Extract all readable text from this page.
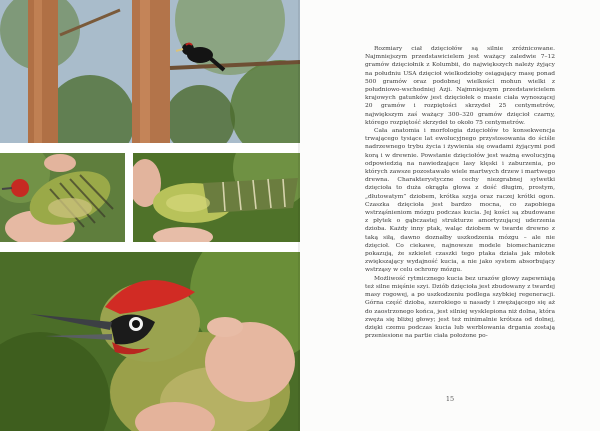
Rozmiary ciał dzięciołów są silnie zróżnicowane. Najmniejszym przedstawicielem jest ważący zaledwie 7–12 gramów dzięciołnik z Kolumbii, do największych należy żyjący na południu USA dzięcioł wielkodzioby osiągający masę ponad 500 gramów oraz podobnej wielkości mohun wielki z południowo-wschodniej Azji. Najmniejszym przedstawicielem krajowych gatunków jest dzięciołek o masie ciała wynoszącej 20 gramów i rozpiętości skrzydeł 25 centymetrów, największym zaś ważący 300–320 gramów dzięcioł czarny, którego rozpiętość skrzydeł to około 75 centymetrów.

Cała anatomia i morfologia dzięciołów to konsekwencja trwającego tysiące lat ewolucyjnego przystosowania do ściśle nadrzewnego trybu życia i żywienia się owadami żyjącymi pod korą i w drewnie. Powstanie dzięciołów jest ważną ewolucyjną odpowiedzią na nawiedzające lasy klęski i zaburzenia, po których zawsze pozostawało wiele martwych drzew i martwego drewna. Charakterystyczne cechy niezgrabnej sylwetki dzięcioła to duża okrągła głowa z dość długim, prostym, „dłutowatym” dziobem, krótka szyja oraz raczej krótki ogon. Czaszka dzięcioła jest bardzo mocna, co zapobiega wstrząśnieniom mózgu podczas kucia. Jej kości są zbudowane z płytek o gąbczastej strukturze amortyzującej uderzenia dzioba. Każdy inny ptak, waląc dziobem w twarde drewno z taką siłą, dawno doznałby uszkodzenia mózgu – ale nie dzięcioł. Co ciekawe, najnowsze modele biomechaniczne pokazują, że szkielet czaszki tego ptaka działa jak młotek zwiększający wydajność kucia, a nie jako system absorbujący wstrząsy w celu ochrony mózgu.

Możliwość rytmicznego kucia bez urazów głowy zapewniają też silne mięśnie szyi. Dziób dzięcioła jest zbudowany z twardej masy rogowej, a po uszkodzeniu podlega szybkiej regeneracji. Górna część dzioba, szerokiego u nasady i zwężającego się aż do zaostrzonego końca, jest silniej wysklepiona niż dolna, która zwęża się bliżej głowy; jest też minimalnie krótsza od dolnej, dzięki czemu podczas kucia lub werblowania drgania zostają przeniesione na partie ciała położone po-

15
